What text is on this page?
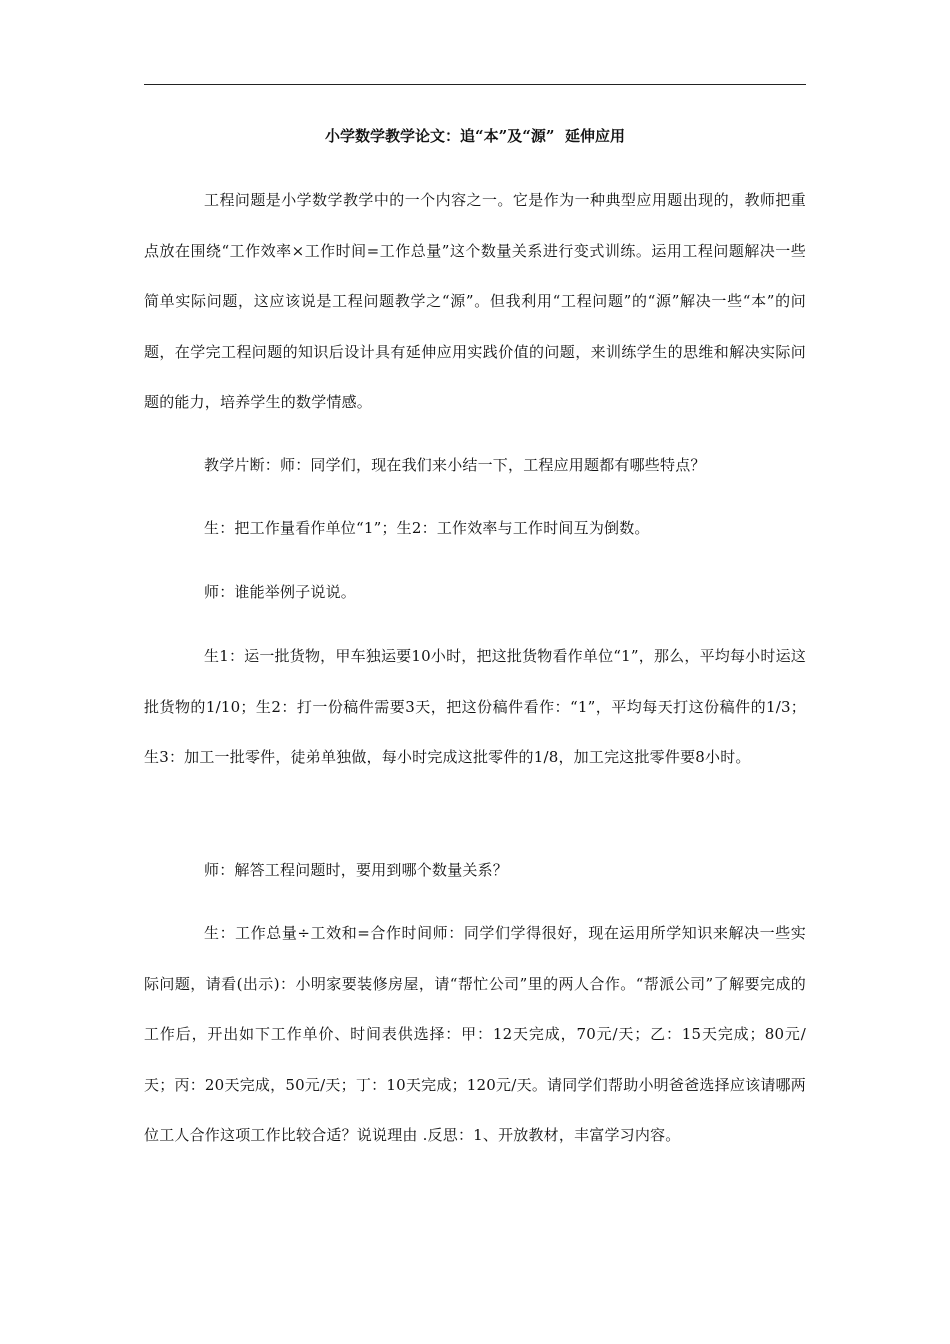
小学数学教学论文：追“本”及“源”  延伸应用

工程问题是小学数学教学中的一个内容之一。它是作为一种典型应用题出现的，教师把重点放在围绕“工作效率×工作时间=工作总量”这个数量关系进行变式训练。运用工程问题解决一些简单实际问题，这应该说是工程问题教学之“源”。但我利用“工程问题”的“源”解决一些“本”的问题，在学完工程问题的知识后设计具有延伸应用实践价值的问题，来训练学生的思维和解决实际问题的能力，培养学生的数学情感。

教学片断：师：同学们，现在我们来小结一下，工程应用题都有哪些特点？

生：把工作量看作单位“1”；生2：工作效率与工作时间互为倒数。

师：谁能举例子说说。

生1：运一批货物，甲车独运要10小时，把这批货物看作单位“1”，那么，平均每小时运这批货物的1/10；生2：打一份稿件需要3天，把这份稿件看作：“1”，平均每天打这份稿件的1/3；生3：加工一批零件，徒弟单独做，每小时完成这批零件的1/8，加工完这批零件要8小时。

师：解答工程问题时，要用到哪个数量关系？

生：工作总量÷工效和=合作时间师：同学们学得很好，现在运用所学知识来解决一些实际问题，请看(出示)：小明家要装修房屋，请“帮忙公司”里的两人合作。“帮派公司”了解要完成的工作后，开出如下工作单价、时间表供选择：甲：12天完成，70元/天；乙：15天完成；80元/天；丙：20天完成，50元/天；丁：10天完成；120元/天。请同学们帮助小明爸爸选择应该请哪两位工人合作这项工作比较合适？说说理由 .反思：1、开放教材，丰富学习内容。
